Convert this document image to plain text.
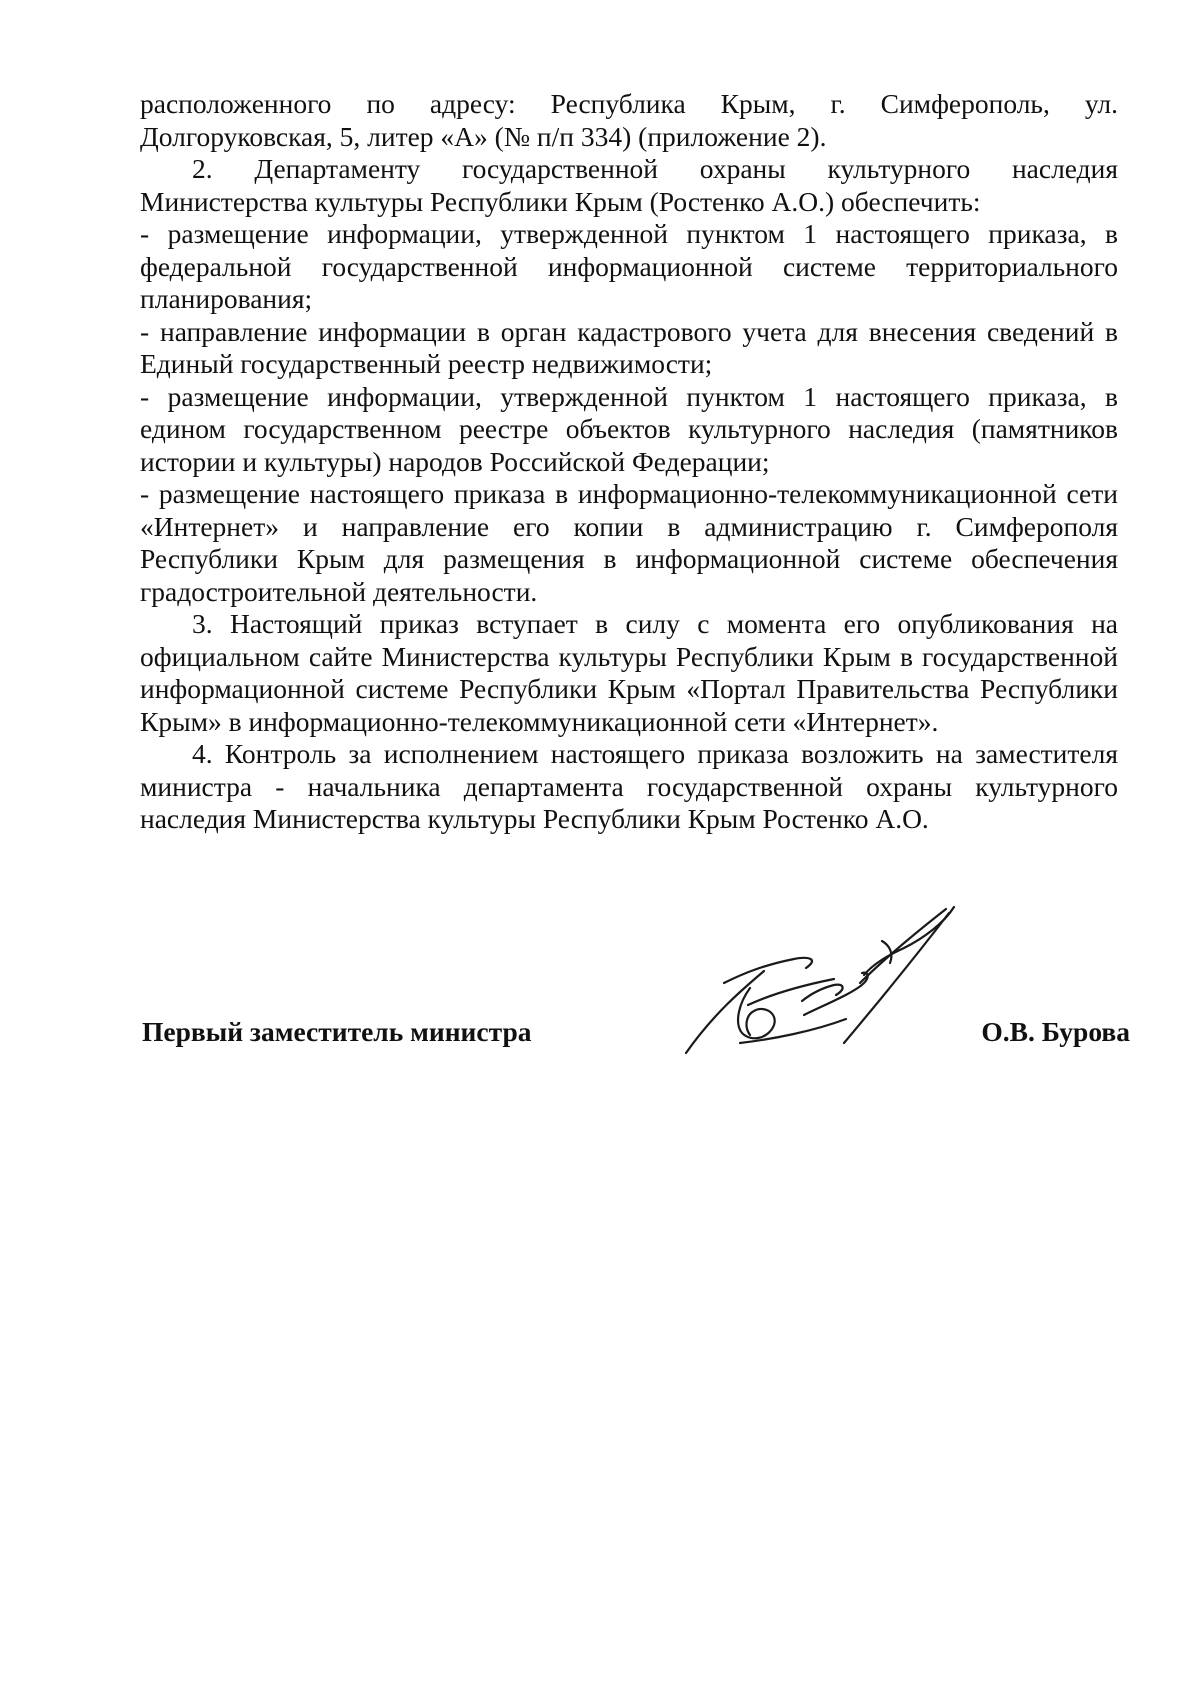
расположенного по адресу: Республика Крым, г. Симферополь, ул. Долгоруковская, 5, литер «А» (№ п/п 334) (приложение 2).

2. Департаменту государственной охраны культурного наследия Министерства культуры Республики Крым (Ростенко А.О.) обеспечить:

- размещение информации, утвержденной пунктом 1 настоящего приказа, в федеральной государственной информационной системе территориального планирования;

- направление информации в орган кадастрового учета для внесения сведений в Единый государственный реестр недвижимости;

- размещение информации, утвержденной пунктом 1 настоящего приказа, в едином государственном реестре объектов культурного наследия (памятников истории и культуры) народов Российской Федерации;

- размещение настоящего приказа в информационно-телекоммуникационной сети «Интернет» и направление его копии в администрацию г. Симферополя Республики Крым для размещения в информационной системе обеспечения градостроительной деятельности.

3. Настоящий приказ вступает в силу с момента его опубликования на официальном сайте Министерства культуры Республики Крым в государственной информационной системе Республики Крым «Портал Правительства Республики Крым» в информационно-телекоммуникационной сети «Интернет».

4. Контроль за исполнением настоящего приказа возложить на заместителя министра - начальника департамента государственной охраны культурного наследия Министерства культуры Республики Крым Ростенко А.О.

Первый заместитель министра	О.В. Бурова
